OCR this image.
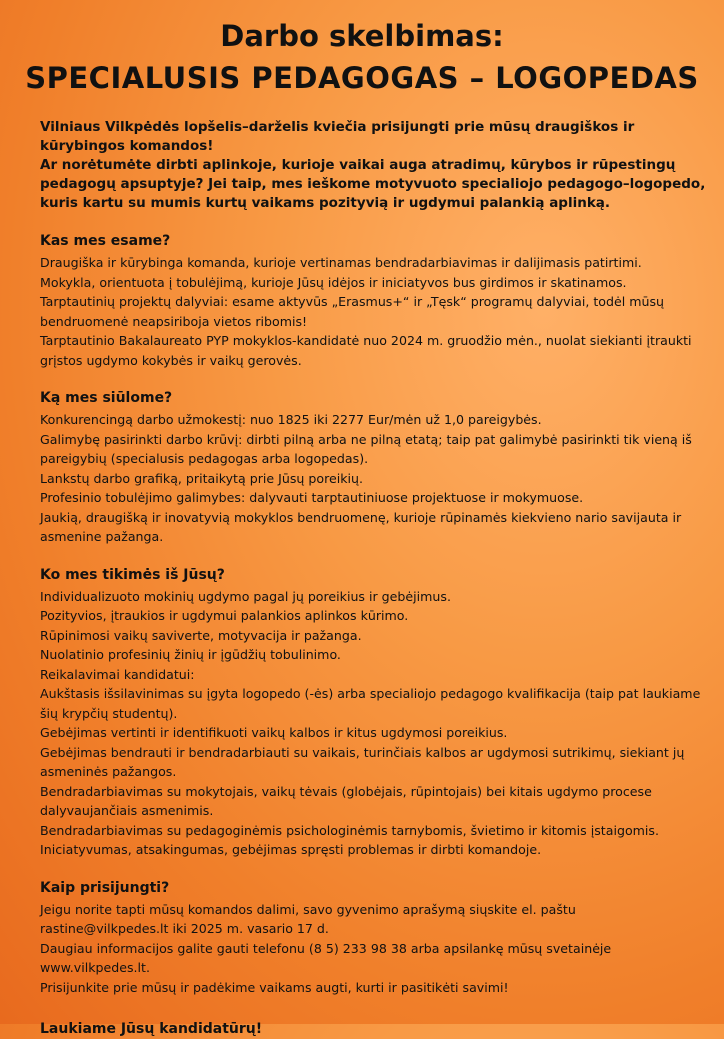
Darbo skelbimas:
SPECIALUSIS PEDAGOGAS – LOGOPEDAS

Vilniaus Vilkpėdės lopšelis–darželis kviečia prisijungti prie mūsų draugiškos ir kūrybingos komandos!

Ar norėtumėte dirbti aplinkoje, kurioje vaikai auga atradimų, kūrybos ir rūpestingų pedagogų apsuptyje? Jei taip, mes ieškome motyvuoto specialiojo pedagogo–logopedo, kuris kartu su mumis kurtų vaikams pozityvią ir ugdymui palankią aplinką.

Kas mes esame?

Draugiška ir kūrybinga komanda, kurioje vertinamas bendradarbiavimas ir dalijimasis patirtimi.

Mokykla, orientuota į tobulėjimą, kurioje Jūsų idėjos ir iniciatyvos bus girdimos ir skatinamos.

Tarptautinių projektų dalyviai: esame aktyvūs „Erasmus+“ ir „Tęsk“ programų dalyviai, todėl mūsų bendruomenė neapsiriboja vietos ribomis!

Tarptautinio Bakalaureato PYP mokyklos-kandidatė nuo 2024 m. gruodžio mėn., nuolat siekianti įtraukti grįstos ugdymo kokybės ir vaikų gerovės.

Ką mes siūlome?

Konkurencingą darbo užmokestį: nuo 1825 iki 2277 Eur/mėn už 1,0 pareigybės.

Galimybę pasirinkti darbo krūvį: dirbti pilną arba ne pilną etatą; taip pat galimybė pasirinkti tik vieną iš pareigybių (specialusis pedagogas arba logopedas).

Lankstų darbo grafiką, pritaikytą prie Jūsų poreikių.

Profesinio tobulėjimo galimybes: dalyvauti tarptautiniuose projektuose ir mokymuose.

Jaukią, draugišką ir inovatyvią mokyklos bendruomenę, kurioje rūpinamės kiekvieno nario savijauta ir asmenine pažanga.

Ko mes tikimės iš Jūsų?

Individualizuoto mokinių ugdymo pagal jų poreikius ir gebėjimus.

Pozityvios, įtraukios ir ugdymui palankios aplinkos kūrimo.

Rūpinimosi vaikų saviverte, motyvacija ir pažanga.

Nuolatinio profesinių žinių ir įgūdžių tobulinimo.

Reikalavimai kandidatui:

Aukštasis išsilavinimas su įgyta logopedo (-ės) arba specialiojo pedagogo kvalifikacija (taip pat laukiame šių krypčių studentų).

Gebėjimas vertinti ir identifikuoti vaikų kalbos ir kitus ugdymosi poreikius.

Gebėjimas bendrauti ir bendradarbiauti su vaikais, turinčiais kalbos ar ugdymosi sutrikimų, siekiant jų asmeninės pažangos.

Bendradarbiavimas su mokytojais, vaikų tėvais (globėjais, rūpintojais) bei kitais ugdymo procese dalyvaujančiais asmenimis.

Bendradarbiavimas su pedagoginėmis psichologinėmis tarnybomis, švietimo ir kitomis įstaigomis.

Iniciatyvumas, atsakingumas, gebėjimas spręsti problemas ir dirbti komandoje.

Kaip prisijungti?

Jeigu norite tapti mūsų komandos dalimi, savo gyvenimo aprašymą siųskite el. paštu rastine@vilkpedes.lt iki 2025 m. vasario 17 d.

Daugiau informacijos galite gauti telefonu (8 5) 233 98 38 arba apsilankę mūsų svetainėje www.vilkpedes.lt.

Prisijunkite prie mūsų ir padėkime vaikams augti, kurti ir pasitikėti savimi!

Laukiame Jūsų kandidatūrų!
